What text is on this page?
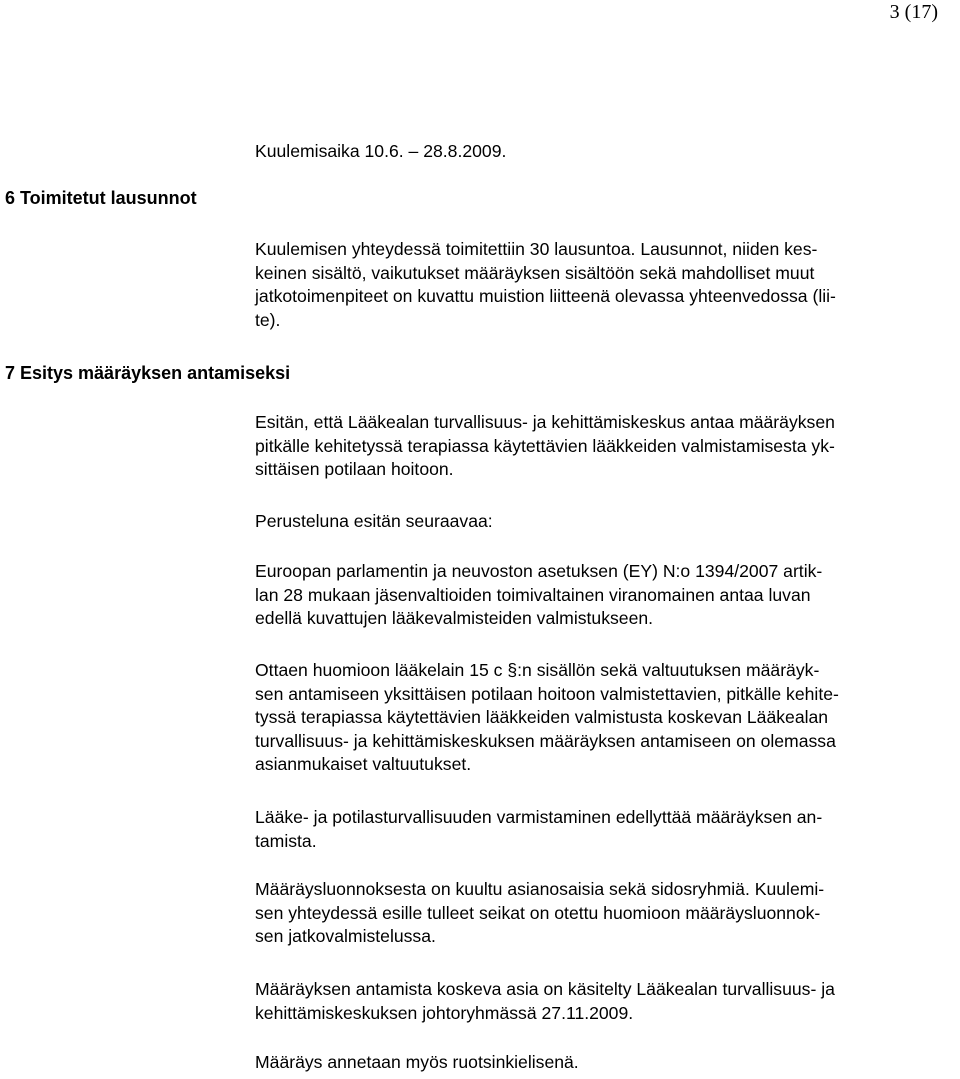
3 (17)
6 Toimitetut lausunnot
7 Esitys määräyksen antamiseksi
Kuulemisaika 10.6. – 28.8.2009.
Kuulemisen yhteydessä toimitettiin 30 lausuntoa. Lausunnot, niiden kes-
keinen sisältö, vaikutukset määräyksen sisältöön sekä mahdolliset muut
jatkotoimenpiteet on kuvattu muistion liitteenä olevassa yhteenvedossa (lii-
te).
Esitän, että Lääkealan turvallisuus- ja kehittämiskeskus antaa määräyksen
pitkälle kehitetyssä terapiassa käytettävien lääkkeiden valmistamisesta yk-
sittäisen potilaan hoitoon.
Perusteluna esitän seuraavaa:
Euroopan parlamentin ja neuvoston asetuksen (EY) N:o 1394/2007 artik-
lan 28 mukaan jäsenvaltioiden toimivaltainen viranomainen antaa luvan
edellä kuvattujen lääkevalmisteiden valmistukseen.
Ottaen huomioon lääkelain 15 c §:n sisällön sekä valtuutuksen määräyk-
sen antamiseen yksittäisen potilaan hoitoon valmistettavien, pitkälle kehite-
tyssä terapiassa käytettävien lääkkeiden valmistusta koskevan Lääkealan
turvallisuus- ja kehittämiskeskuksen määräyksen antamiseen on olemassa
asianmukaiset valtuutukset.
Lääke- ja potilasturvallisuuden varmistaminen edellyttää määräyksen an-
tamista.
Määräysluonnoksesta on kuultu asianosaisia sekä sidosryhmiä. Kuulemi-
sen yhteydessä esille tulleet seikat on otettu huomioon määräysluonnok-
sen jatkovalmistelussa.
Määräyksen antamista koskeva asia on käsitelty Lääkealan turvallisuus- ja
kehittämiskeskuksen johtoryhmässä 27.11.2009.
Määräys annetaan myös ruotsinkielisenä.
